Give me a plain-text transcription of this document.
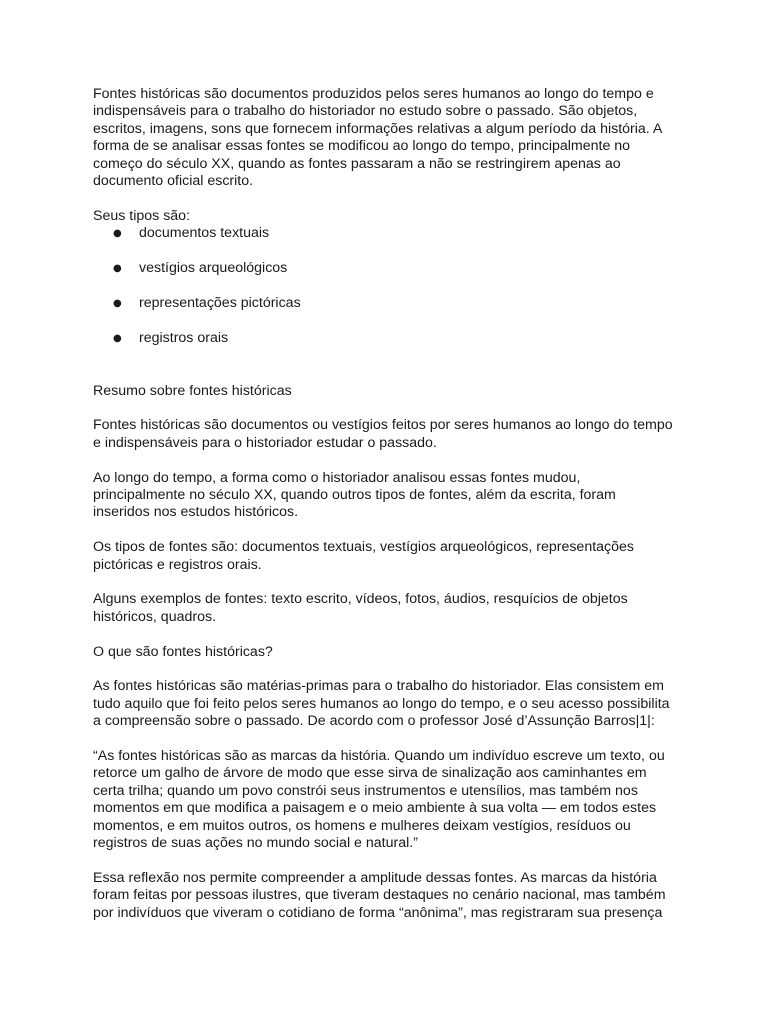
Fontes históricas são documentos produzidos pelos seres humanos ao longo do tempo e
indispensáveis para o trabalho do historiador no estudo sobre o passado. São objetos,
escritos, imagens, sons que fornecem informações relativas a algum período da história. A
forma de se analisar essas fontes se modificou ao longo do tempo, principalmente no
começo do século XX, quando as fontes passaram a não se restringirem apenas ao
documento oficial escrito.

Seus tipos são:

● documentos textuais
● vestígios arqueológicos
● representações pictóricas
● registros orais

Resumo sobre fontes históricas

Fontes históricas são documentos ou vestígios feitos por seres humanos ao longo do tempo
e indispensáveis para o historiador estudar o passado.

Ao longo do tempo, a forma como o historiador analisou essas fontes mudou,
principalmente no século XX, quando outros tipos de fontes, além da escrita, foram
inseridos nos estudos históricos.

Os tipos de fontes são: documentos textuais, vestígios arqueológicos, representações
pictóricas e registros orais.

Alguns exemplos de fontes: texto escrito, vídeos, fotos, áudios, resquícios de objetos
históricos, quadros.

O que são fontes históricas?

As fontes históricas são matérias-primas para o trabalho do historiador. Elas consistem em
tudo aquilo que foi feito pelos seres humanos ao longo do tempo, e o seu acesso possibilita
a compreensão sobre o passado. De acordo com o professor José d’Assunção Barros|1|:

“As fontes históricas são as marcas da história. Quando um indivíduo escreve um texto, ou
retorce um galho de árvore de modo que esse sirva de sinalização aos caminhantes em
certa trilha; quando um povo constrói seus instrumentos e utensílios, mas também nos
momentos em que modifica a paisagem e o meio ambiente à sua volta — em todos estes
momentos, e em muitos outros, os homens e mulheres deixam vestígios, resíduos ou
registros de suas ações no mundo social e natural.”

Essa reflexão nos permite compreender a amplitude dessas fontes. As marcas da história
foram feitas por pessoas ilustres, que tiveram destaques no cenário nacional, mas também
por indivíduos que viveram o cotidiano de forma “anônima”, mas registraram sua presença
